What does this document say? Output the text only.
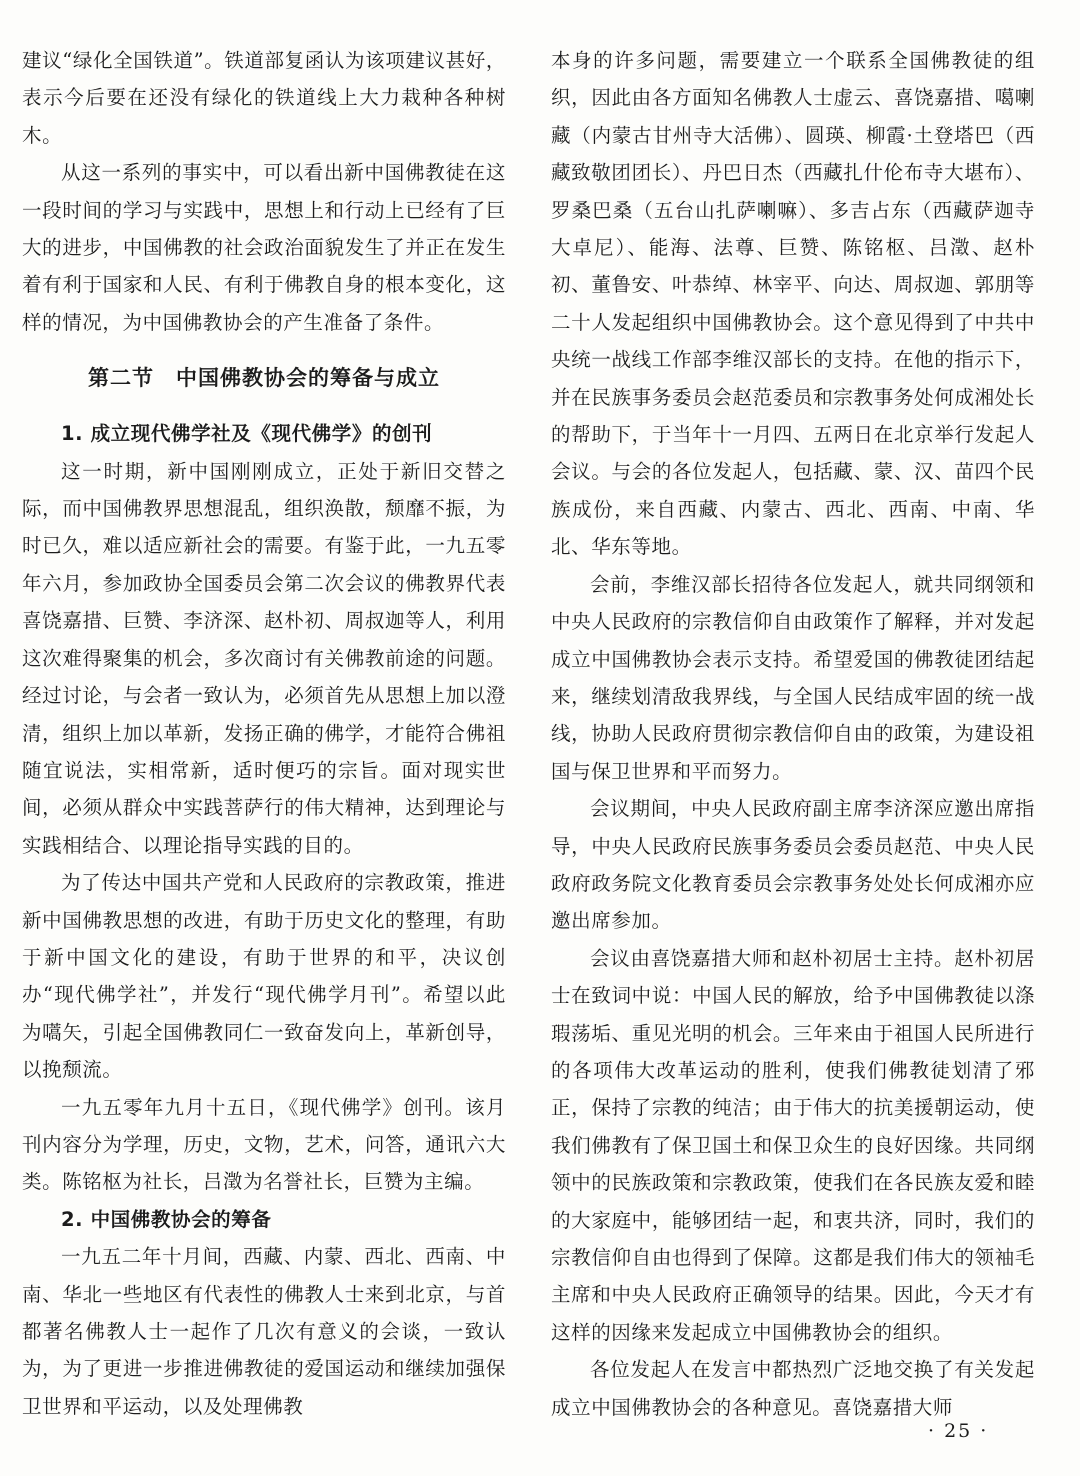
建议“绿化全国铁道”。铁道部复函认为该项建议甚好，表示今后要在还没有绿化的铁道线上大力栽种各种树木。

从这一系列的事实中，可以看出新中国佛教徒在这一段时间的学习与实践中，思想上和行动上已经有了巨大的进步，中国佛教的社会政治面貌发生了并正在发生着有利于国家和人民、有利于佛教自身的根本变化，这样的情况，为中国佛教协会的产生准备了条件。

第二节　中国佛教协会的筹备与成立
1. 成立现代佛学社及《现代佛学》的创刊

这一时期，新中国刚刚成立，正处于新旧交替之际，而中国佛教界思想混乱，组织涣散，颓靡不振，为时已久，难以适应新社会的需要。有鉴于此，一九五零年六月，参加政协全国委员会第二次会议的佛教界代表喜饶嘉措、巨赞、李济深、赵朴初、周叔迦等人，利用这次难得聚集的机会，多次商讨有关佛教前途的问题。经过讨论，与会者一致认为，必须首先从思想上加以澄清，组织上加以革新，发扬正确的佛学，才能符合佛祖随宜说法，实相常新，适时便巧的宗旨。面对现实世间，必须从群众中实践菩萨行的伟大精神，达到理论与实践相结合、以理论指导实践的目的。

为了传达中国共产党和人民政府的宗教政策，推进新中国佛教思想的改进，有助于历史文化的整理，有助于新中国文化的建设，有助于世界的和平，决议创办“现代佛学社”，并发行“现代佛学月刊”。希望以此为嚆矢，引起全国佛教同仁一致奋发向上，革新创导，以挽颓流。

一九五零年九月十五日，《现代佛学》创刊。该月刊内容分为学理，历史，文物，艺术，问答，通讯六大类。陈铭枢为社长，吕澂为名誉社长，巨赞为主编。

2. 中国佛教协会的筹备

一九五二年十月间，西藏、内蒙、西北、西南、中南、华北一些地区有代表性的佛教人士来到北京，与首都著名佛教人士一起作了几次有意义的会谈，一致认为，为了更进一步推进佛教徒的爱国运动和继续加强保卫世界和平运动，以及处理佛教

本身的许多问题，需要建立一个联系全国佛教徒的组织，因此由各方面知名佛教人士虚云、喜饶嘉措、噶喇藏（内蒙古甘州寺大活佛）、圆瑛、柳霞·土登塔巴（西藏致敬团团长）、丹巴日杰（西藏扎什伦布寺大堪布）、罗桑巴桑（五台山扎萨喇嘛）、多吉占东（西藏萨迦寺大卓尼）、能海、法尊、巨赞、陈铭枢、吕澂、赵朴初、董鲁安、叶恭绰、林宰平、向达、周叔迦、郭朋等二十人发起组织中国佛教协会。这个意见得到了中共中央统一战线工作部李维汉部长的支持。在他的指示下，并在民族事务委员会赵范委员和宗教事务处何成湘处长的帮助下，于当年十一月四、五两日在北京举行发起人会议。与会的各位发起人，包括藏、蒙、汉、苗四个民族成份，来自西藏、内蒙古、西北、西南、中南、华北、华东等地。

会前，李维汉部长招待各位发起人，就共同纲领和中央人民政府的宗教信仰自由政策作了解释，并对发起成立中国佛教协会表示支持。希望爱国的佛教徒团结起来，继续划清敌我界线，与全国人民结成牢固的统一战线，协助人民政府贯彻宗教信仰自由的政策，为建设祖国与保卫世界和平而努力。

会议期间，中央人民政府副主席李济深应邀出席指导，中央人民政府民族事务委员会委员赵范、中央人民政府政务院文化教育委员会宗教事务处处长何成湘亦应邀出席参加。

会议由喜饶嘉措大师和赵朴初居士主持。赵朴初居士在致词中说：中国人民的解放，给予中国佛教徒以涤瑕荡垢、重见光明的机会。三年来由于祖国人民所进行的各项伟大改革运动的胜利，使我们佛教徒划清了邪正，保持了宗教的纯洁；由于伟大的抗美援朝运动，使我们佛教有了保卫国土和保卫众生的良好因缘。共同纲领中的民族政策和宗教政策，使我们在各民族友爱和睦的大家庭中，能够团结一起，和衷共济，同时，我们的宗教信仰自由也得到了保障。这都是我们伟大的领袖毛主席和中央人民政府正确领导的结果。因此，今天才有这样的因缘来发起成立中国佛教协会的组织。

各位发起人在发言中都热烈广泛地交换了有关发起成立中国佛教协会的各种意见。喜饶嘉措大师

· 25 ·
